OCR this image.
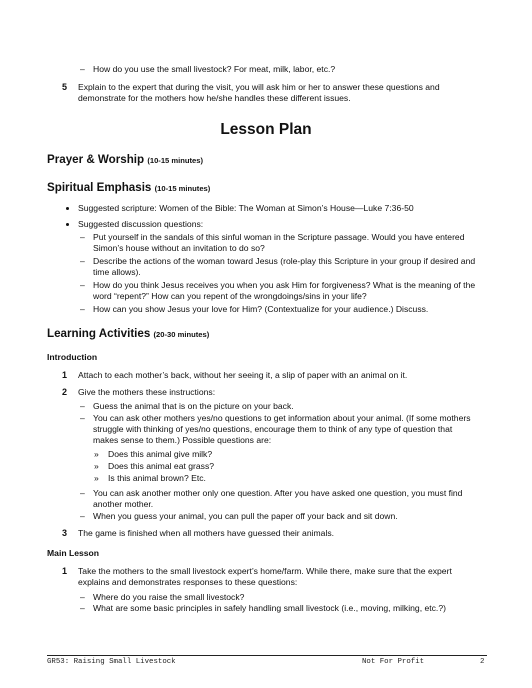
– How do you use the small livestock? For meat, milk, labor, etc.?
5 Explain to the expert that during the visit, you will ask him or her to answer these questions and
demonstrate for the mothers how he/she handles these different issues.
Lesson Plan
Prayer & Worship (10-15 minutes)
Spiritual Emphasis (10-15 minutes)
Suggested scripture: Women of the Bible: The Woman at Simon’s House—Luke 7:36-50
Suggested discussion questions:
– Put yourself in the sandals of this sinful woman in the Scripture passage. Would you have entered
Simon’s house without an invitation to do so?
– Describe the actions of the woman toward Jesus (role-play this Scripture in your group if desired and
time allows).
– How do you think Jesus receives you when you ask Him for forgiveness? What is the meaning of the
word “repent?” How can you repent of the wrongdoings/sins in your life?
– How can you show Jesus your love for Him? (Contextualize for your audience.) Discuss.
Learning Activities (20-30 minutes)
Introduction
1 Attach to each mother’s back, without her seeing it, a slip of paper with an animal on it.
2 Give the mothers these instructions:
– Guess the animal that is on the picture on your back.
– You can ask other mothers yes/no questions to get information about your animal. (If some mothers
struggle with thinking of yes/no questions, encourage them to think of any type of question that
makes sense to them.) Possible questions are:
» Does this animal give milk?
» Does this animal eat grass?
» Is this animal brown? Etc.
– You can ask another mother only one question. After you have asked one question, you must find
another mother.
– When you guess your animal, you can pull the paper off your back and sit down.
3 The game is finished when all mothers have guessed their animals.
Main Lesson
1 Take the mothers to the small livestock expert’s home/farm. While there, make sure that the expert
explains and demonstrates responses to these questions:
– Where do you raise the small livestock?
– What are some basic principles in safely handling small livestock (i.e., moving, milking, etc.?)
GR53: Raising Small Livestock	Not For Profit	2
